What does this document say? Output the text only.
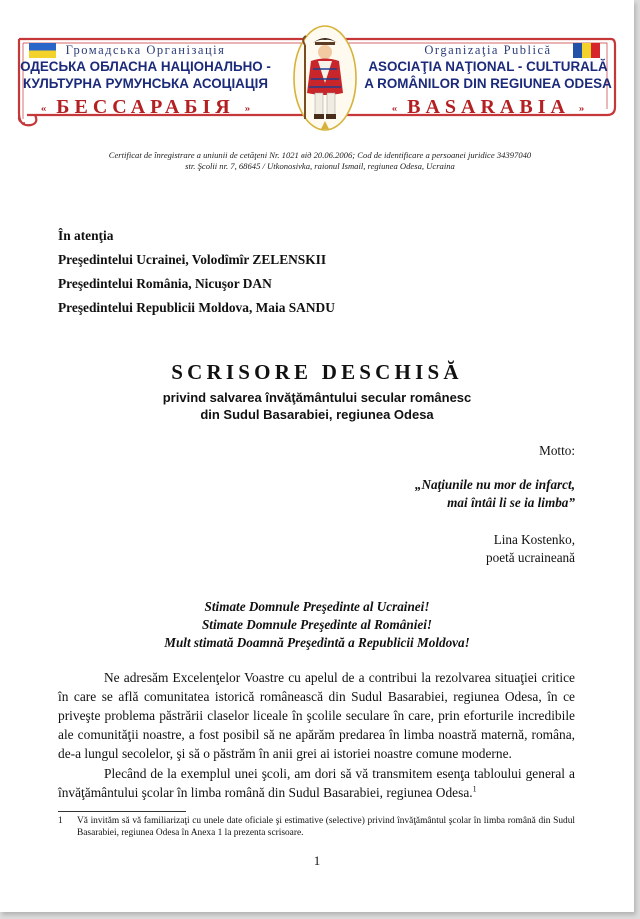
Громадська Організація
ОДЕСЬКА ОБЛАСНА НАЦІОНАЛЬНО -
КУЛЬТУРНА РУМУНСЬКА АСОЦІАЦІЯ
« БЕССАРАБІЯ »
Organizaţia Publică
ASOCIAŢIA NAŢIONAL - CULTURALĂ
A ROMÂNILOR DIN REGIUNEA ODESA
« BASARABIA »
Certificat de înregistrare a uniunii de cetăţeni Nr. 1021 від 20.06.2006; Cod de identificare a persoanei juridice 34397040
str. Şcolii nr. 7, 68645 / Utkonosivka, raionul Ismail, regiunea Odesa, Ucraina
În atenţia
Preşedintelui Ucrainei, Volodîmîr ZELENSKII
Preşedintelui România, Nicuşor DAN
Preşedintelui Republicii Moldova, Maia SANDU
SCRISORE DESCHISĂ
privind salvarea învăţământului secular românesc
din Sudul Basarabiei, regiunea Odesa
Motto:
„Naţiunile nu mor de infarct,
mai întâi li se ia limba”
Lina Kostenko,
poetă ucraineană
Stimate Domnule Preşedinte al Ucrainei!
Stimate Domnule Preşedinte al României!
Mult stimată Doamnă Preşedintă a Republicii Moldova!
Ne adresăm Excelenţelor Voastre cu apelul de a contribui la rezolvarea situaţiei critice în care se află comunitatea istorică românească din Sudul Basarabiei, regiunea Odesa, în ce priveşte problema păstrării claselor liceale în şcolile seculare în care, prin eforturile incredibile ale comunităţii noastre, a fost posibil să ne apărăm predarea în limba noastră maternă, româna, de-a lungul secolelor, şi să o păstrăm în anii grei ai istoriei noastre comune moderne.
Plecând de la exemplul unei şcoli, am dori să vă transmitem esenţa tabloului general a învăţământului şcolar în limba română din Sudul Basarabiei, regiunea Odesa.$^1$
1	Vă invităm să vă familiarizaţi cu unele date oficiale şi estimative (selective) privind învăţământul şcolar în limba română din Sudul Basarabiei, regiunea Odesa în Anexa 1 la prezenta scrisoare.
1
